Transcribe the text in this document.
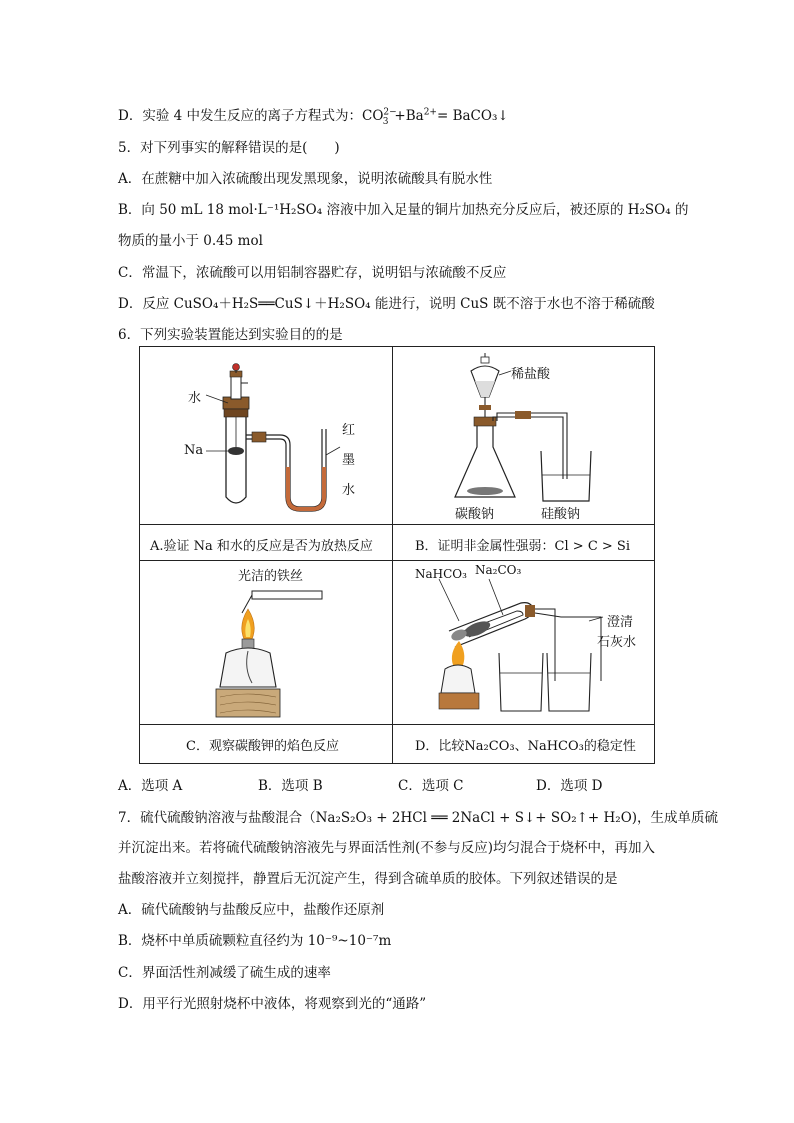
D．实验 4 中发生反应的离子方程式为：$CO^{2-}_3 +Ba^{2+}=$ BaCO₃↓
5．对下列事实的解释错误的是(　　)
A．在蔗糖中加入浓硫酸出现发黑现象，说明浓硫酸具有脱水性
B．向 50 mL 18 mol·L⁻¹H₂SO₄ 溶液中加入足量的铜片加热充分反应后，被还原的 H₂SO₄ 的
物质的量小于 0.45 mol
C．常温下，浓硫酸可以用铝制容器贮存，说明铝与浓硫酸不反应
D．反应 CuSO₄＋H₂S══CuS↓＋H₂SO₄ 能进行，说明 CuS 既不溶于水也不溶于稀硫酸
6．下列实验装置能达到实验目的的是
水
Na
红
墨
水
稀盐酸
碳酸钠	硅酸钠
A.验证 Na 和水的反应是否为放热反应	B．证明非金属性强弱：Cl > C > Si
光洁的铁丝	NaHCO₃ Na₂CO₃
澄清
石灰水
C．观察碳酸钾的焰色反应	D．比较Na₂CO₃、NaHCO₃的稳定性
A．选项 A	B．选项 B	C．选项 C	D．选项 D
7．硫代硫酸钠溶液与盐酸混合（Na₂S₂O₃ + 2HCl ══ 2NaCl + S↓+ SO₂↑+ H₂O)，生成单质硫
并沉淀出来。若将硫代硫酸钠溶液先与界面活性剂(不参与反应)均匀混合于烧杯中，再加入
盐酸溶液并立刻搅拌，静置后无沉淀产生，得到含硫单质的胶体。下列叙述错误的是
A．硫代硫酸钠与盐酸反应中，盐酸作还原剂
B．烧杯中单质硫颗粒直径约为 10⁻⁹~10⁻⁷m
C．界面活性剂减缓了硫生成的速率
D．用平行光照射烧杯中液体，将观察到光的“通路”
